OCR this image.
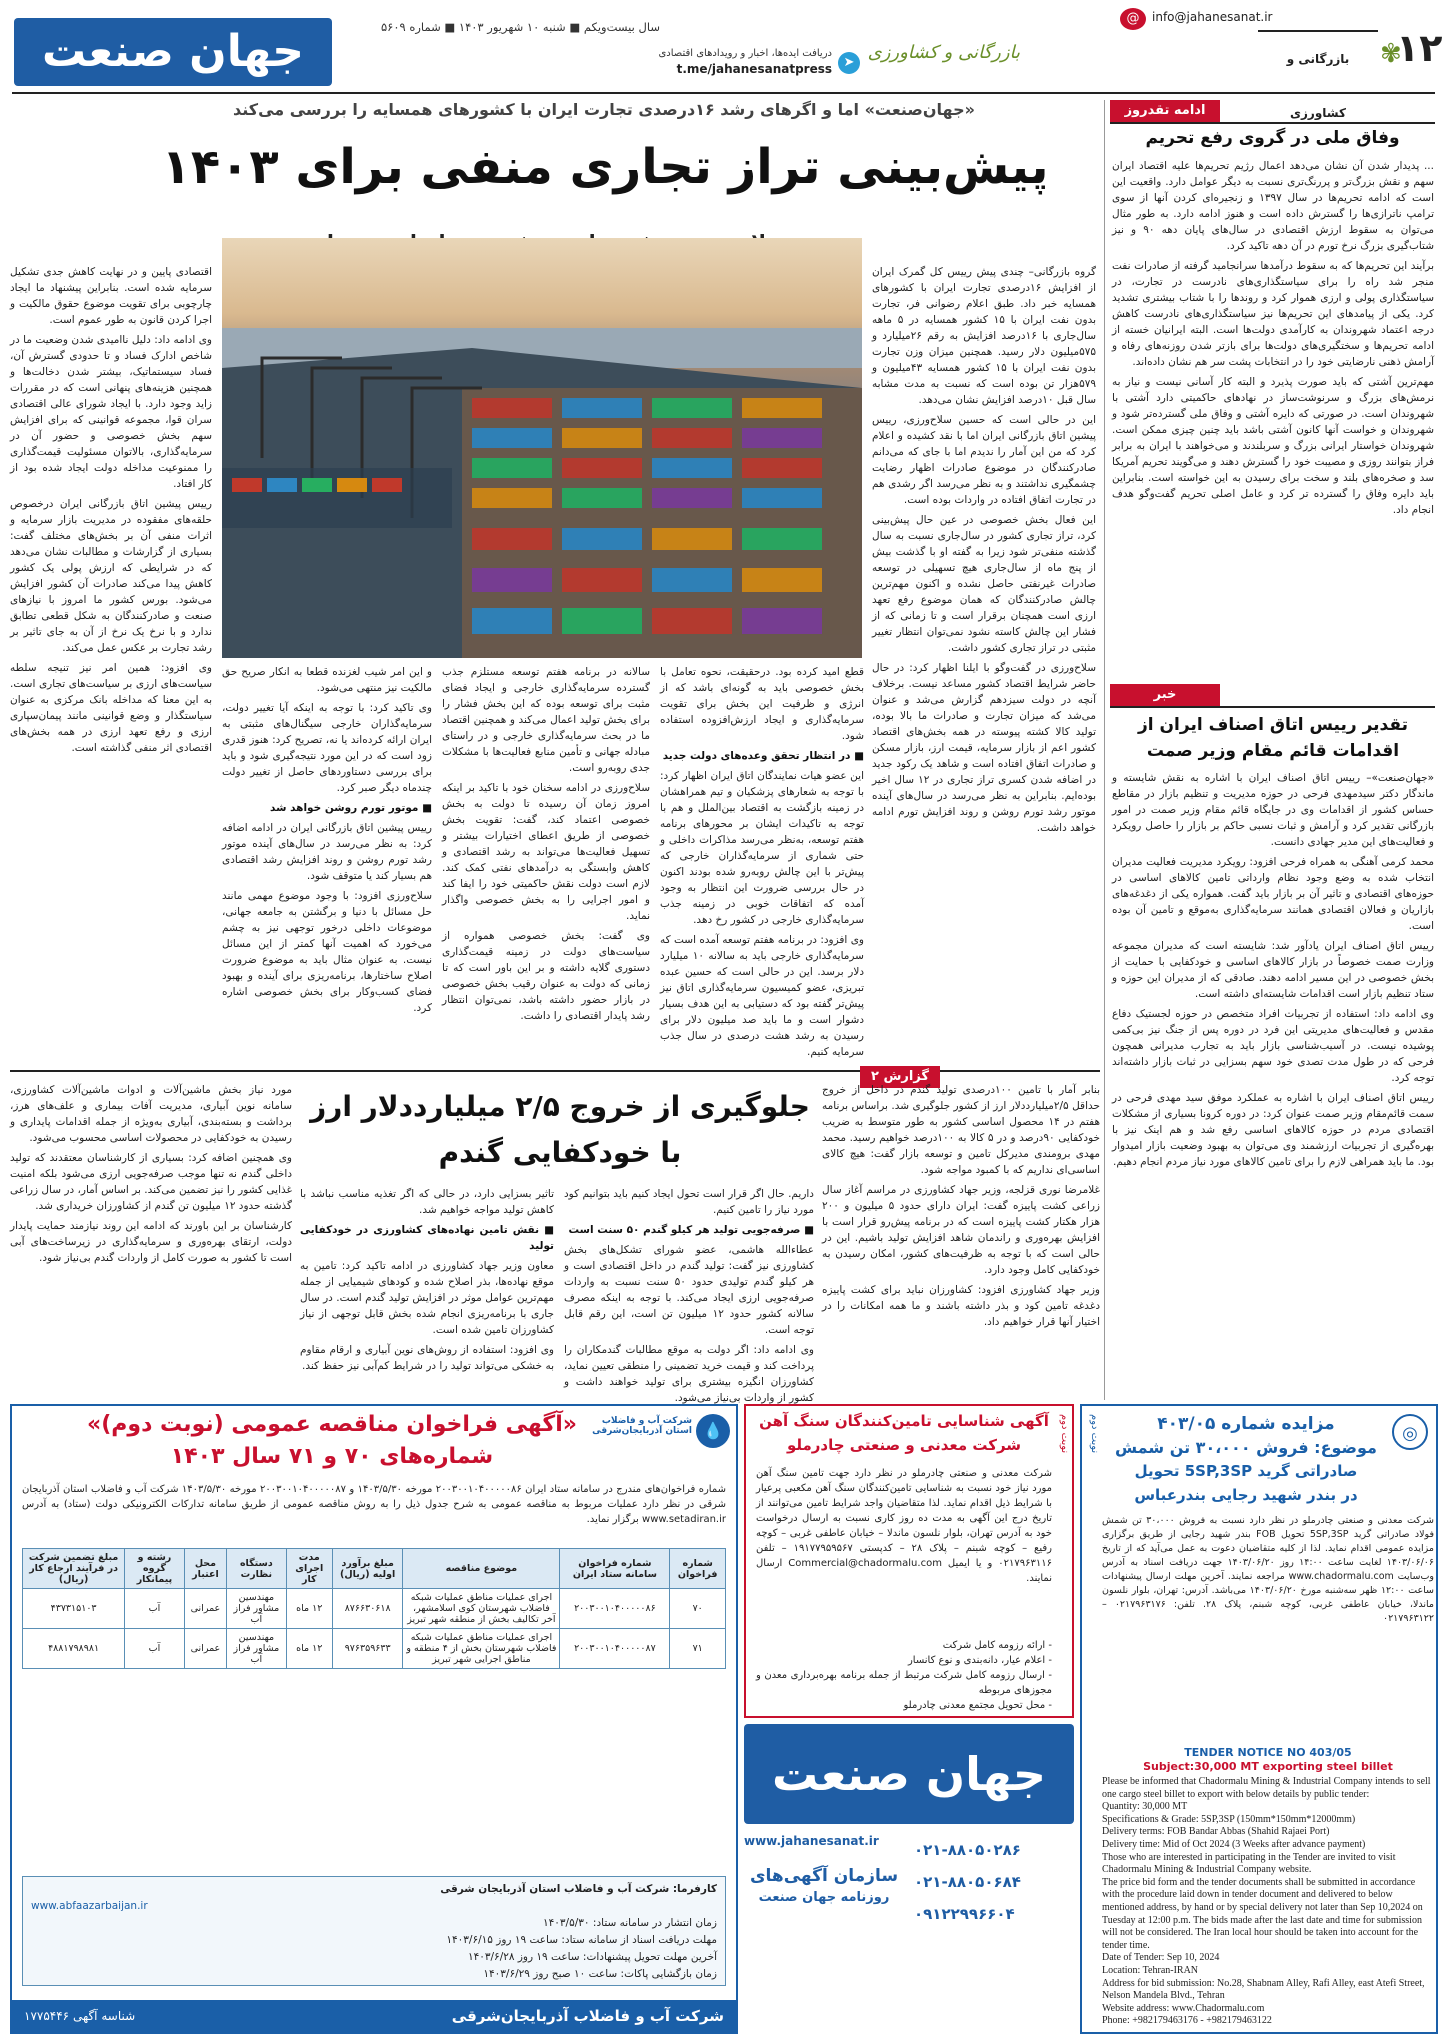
جهان صنعت	سال بیست‌ویکم ■ شنبه ۱۰ شهریور ۱۴۰۳ ■ شماره ۵۶۰۹
➤
دریافت ایده‌ها، اخبار و رویدادهای اقتصادی
t.me/jahanesanatpress
بازرگانی و کشاورزی
@	info@jahanesanat.ir
بازرگانی و کشاورزی
✾
۱۲
«جهان‌صنعت» اما و اگرهای رشد ۱۶درصدی تجارت ایران با کشورهای همسایه را بررسی می‌کند
پیش‌بینی تراز تجاری منفی برای ۱۴۰۳

گروه بازرگانی– چندی پیش رییس کل گمرک ایران از افزایش ۱۶درصدی تجارت ایران با کشورهای همسایه خبر داد. طبق اعلام رضوانی فر، تجارت بدون نفت ایران با ۱۵ کشور همسایه در ۵ ماهه سال‌جاری با ۱۶درصد افزایش به رقم ۲۶میلیارد و ۵۷۵میلیون دلار رسید. همچنین میزان وزن تجارت بدون نفت ایران با ۱۵ کشور همسایه ۴۳میلیون و ۵۷۹هزار تن بوده است که نسبت به مدت مشابه سال قبل ۱۰درصد افزایش نشان می‌دهد.

این در حالی است که حسین سلاح‌ورزی، رییس پیشین اتاق بازرگانی ایران اما با نقد کشیده و اعلام کرد که من این آمار را ندیدم اما با جای که می‌دانم صادرکنندگان در موضوع صادرات اظهار رضایت چشمگیری نداشتند و به نظر می‌رسد اگر رشدی هم در تجارت اتفاق افتاده در واردات بوده است.

این فعال بخش خصوصی در عین حال پیش‌بینی کرد، تراز تجاری کشور در سال‌جاری نسبت به سال گذشته منفی‌تر شود زیرا به گفته او با گذشت بیش از پنج ماه از سال‌جاری هیچ تسهیلی در توسعه صادرات غیرنفتی حاصل نشده و اکنون مهم‌ترین چالش صادرکنندگان که همان موضوع رفع تعهد ارزی است همچنان برقرار است و تا زمانی که از فشار این چالش کاسته نشود نمی‌توان انتظار تغییر مثبتی در تراز تجاری کشور داشت.

سلاح‌ورزی در گفت‌وگو با ایلنا اظهار کرد: در حال حاضر شرایط اقتصاد کشور مساعد نیست. برخلاف آنچه در دولت سیزدهم گزارش می‌شد و عنوان می‌شد که میزان تجارت و صادرات ما بالا بوده، تولید کالا کشته پیوسته در همه بخش‌های اقتصاد کشور اعم از بازار سرمایه، قیمت ارز، بازار مسکن و صادرات اتفاق افتاده است و شاهد یک رکود جدید در اضافه شدن کسری تراز تجاری در ۱۲ سال اخیر بوده‌ایم. بنابراین به نظر می‌رسد در سال‌های آینده موتور رشد تورم روشن و روند افزایش تورم ادامه خواهد داشت.

قطع امید کرده بود. درحقیقت، نحوه تعامل با بخش خصوصی باید به گونه‌ای باشد که از انرژی و ظرفیت این بخش برای تقویت سرمایه‌گذاری و ایجاد ارزش‌افزوده استفاده شود.

■ در انتظار تحقق وعده‌های دولت جدید

این عضو هیات نمایندگان اتاق ایران اظهار کرد: با توجه به شعارهای پزشکیان و تیم همراهشان در زمینه بازگشت به اقتصاد بین‌الملل و هم با توجه به تاکیدات ایشان بر محورهای برنامه هفتم توسعه، به‌نظر می‌رسد مذاکرات داخلی و حتی شماری از سرمایه‌گذاران خارجی که پیش‌تر با این چالش روبه‌رو شده بودند اکنون در حال بررسی ضرورت این انتظار به وجود آمده که اتفاقات خوبی در زمینه جذب سرمایه‌گذاری خارجی در کشور رخ دهد.

وی افزود: در برنامه هفتم توسعه آمده است که سرمایه‌گذاری خارجی باید به سالانه ۱۰ میلیارد دلار برسد. این در حالی است که حسین عبده تبریزی، عضو کمیسیون سرمایه‌گذاری اتاق نیز پیش‌تر گفته بود که دستیابی به این هدف بسیار دشوار است و ما باید صد میلیون دلار برای رسیدن به رشد هشت درصدی در سال جذب سرمایه کنیم.

سالانه در برنامه هفتم توسعه مستلزم جذب گسترده سرمایه‌گذاری خارجی و ایجاد فضای مثبت برای توسعه بوده که این بخش فشار را برای بخش تولید اعمال می‌کند و همچنین اقتصاد ما در بحث سرمایه‌گذاری خارجی و در راستای مبادله جهانی و تأمین منابع فعالیت‌ها با مشکلات جدی روبه‌رو است.

سلاح‌ورزی در ادامه سخنان خود با تاکید بر اینکه امروز زمان آن رسیده تا دولت به بخش خصوصی اعتماد کند، گفت: تقویت بخش خصوصی از طریق اعطای اختیارات بیشتر و تسهیل فعالیت‌ها می‌تواند به رشد اقتصادی و کاهش وابستگی به درآمدهای نفتی کمک کند. لازم است دولت نقش حاکمیتی خود را ایفا کند و امور اجرایی را به بخش خصوصی واگذار نماید.

وی گفت: بخش خصوصی همواره از سیاست‌های دولت در زمینه قیمت‌گذاری دستوری گلایه داشته و بر این باور است که تا زمانی که دولت به عنوان رقیب بخش خصوصی در بازار حضور داشته باشد، نمی‌توان انتظار رشد پایدار اقتصادی را داشت.

و این امر شیب لغزنده قطعا به انکار صریح حق مالکیت نیز منتهی می‌شود.

وی تاکید کرد: با توجه به اینکه آیا تغییر دولت، سرمایه‌گذاران خارجی سیگنال‌های مثبتی به ایران ارائه کرده‌اند یا نه، تصریح کرد: هنوز قدری زود است که در این مورد نتیجه‌گیری شود و باید برای بررسی دستاوردهای حاصل از تغییر دولت چندماه دیگر صبر کرد.

■ موتور تورم روشن خواهد شد

رییس پیشین اتاق بازرگانی ایران در ادامه اضافه کرد: به نظر می‌رسد در سال‌های آینده موتور رشد تورم روشن و روند افزایش رشد اقتصادی هم بسیار کند یا متوقف شود.

سلاح‌ورزی افزود: با وجود موضوع مهمی مانند حل مسائل با دنیا و برگشتن به جامعه جهانی، موضوعات داخلی درخور توجهی نیز به چشم می‌خورد که اهمیت آنها کمتر از این مسائل نیست. به عنوان مثال باید به موضوع ضرورت اصلاح ساختارها، برنامه‌ریزی برای آینده و بهبود فضای کسب‌وکار برای بخش خصوصی اشاره کرد.

اقتصادی پایین و در نهایت کاهش جدی تشکیل سرمایه شده است. بنابراین پیشنهاد ما ایجاد چارچوبی برای تقویت موضوع حقوق مالکیت و اجرا کردن قانون به طور عموم است.

وی ادامه داد: دلیل ناامیدی شدن وضعیت ما در شاخص ادارک فساد و تا حدودی گسترش آن، فساد سیستماتیک، بیشتر شدن دخالت‌ها و همچنین هزینه‌های پنهانی است که در مقررات زاید وجود دارد. با ایجاد شورای عالی اقتصادی سران قوا، مجموعه قوانینی که برای افزایش سهم بخش خصوصی و حضور آن در سرمایه‌گذاری، بالاتوان مسئولیت قیمت‌گذاری را ممنوعیت مداخله دولت ایجاد شده بود از کار افتاد.

رییس پیشین اتاق بازرگانی ایران درخصوص حلقه‌های مفقوده در مدیریت بازار سرمایه و اثرات منفی آن بر بخش‌های مختلف گفت: بسیاری از گزارشات و مطالبات نشان می‌دهد که در شرایطی که ارزش پولی یک کشور کاهش پیدا می‌کند صادرات آن کشور افزایش می‌شود. بورس کشور ما امروز با نیازهای صنعت و صادرکنندگان به شکل قطعی تطابق ندارد و با نرخ یک نرخ از آن به جای تاثیر بر رشد تجارت بر عکس عمل می‌کند.

وی افزود: همین امر نیز تنیجه سلطه سیاست‌های ارزی بر سیاست‌های تجاری است. به این معنا که مداخله بانک مرکزی به عنوان سیاستگذار و وضع قوانینی مانند پیمان‌سپاری ارزی و رفع تعهد ارزی در همه بخش‌های اقتصادی اثر منفی گذاشته است.

ادامه تقدروز
وفاق ملی در گروی رفع تحریم

... پدیدار شدن آن نشان می‌دهد اعمال رژیم تحریم‌ها علیه اقتصاد ایران سهم و نقش بزرگ‌تر و پررنگ‌تری نسبت به دیگر عوامل دارد. واقعیت این است که ادامه تحریم‌ها در سال ۱۳۹۷ و زنجیره‌ای کردن آنها از سوی ترامپ ناترازی‌ها را گسترش داده است و هنوز ادامه دارد. به طور مثال می‌توان به سقوط ارزش اقتصادی در سال‌های پایان دهه ۹۰ و نیز شتاب‌گیری بزرگ نرخ تورم در آن دهه تاکید کرد.

برآیند این تحریم‌ها که به سقوط درآمدها سرانجامید گرفته از صادرات نفت منجر شد راه را برای سیاستگذاری‌های نادرست در تجارت، در سیاستگذاری پولی و ارزی هموار کرد و روندها را با شتاب بیشتری تشدید کرد. یکی از پیامدهای این تحریم‌ها نیز سیاستگذاری‌های نادرست کاهش درجه اعتماد شهروندان به کارآمدی دولت‌ها است. البته ایرانیان خسته از ادامه تحریم‌ها و سختگیری‌های دولت‌ها برای بازتر شدن روزنه‌های رفاه و آرامش ذهنی نارضایتی خود را در انتخابات پشت سر هم نشان داده‌اند.

مهم‌ترین آشتی که باید صورت پذیرد و البته کار آسانی نیست و نیاز به نرمش‌های بزرگ و سرنوشت‌ساز در نهادهای حاکمیتی دارد آشتی با شهروندان است. در صورتی که دایره آشتی و وفاق ملی گسترده‌تر شود و شهروندان و خواست آنها کانون آشتی باشد باید چنین چیزی ممکن است. شهروندان خواستار ایرانی بزرگ و سربلندند و می‌خواهند با ایران به برابر فراز بتوانند روزی و مصیبت خود را گسترش دهند و می‌گویند تحریم آمریکا سد و صخره‌های بلند و سخت برای رسیدن به این خواسته است. بنابراین باید دایره وفاق را گسترده تر کرد و عامل اصلی تحریم گفت‌وگو هدف انجام داد.

خبر
تقدیر رییس اتاق اصناف ایران از اقدامات قائم مقام وزیر صمت

«جهان‌صنعت»– رییس اتاق اصناف ایران با اشاره به نقش شایسته و ماندگار دکتر سیدمهدی فرحی در حوزه مدیریت و تنظیم بازار در مقاطع حساس کشور از اقدامات وی در جایگاه قائم مقام وزیر صمت در امور بازرگانی تقدیر کرد و آرامش و ثبات نسبی حاکم بر بازار را حاصل رویکرد و فعالیت‌های این مدیر جهادی دانست.

محمد کرمی آهنگی به همراه فرحی افزود: رویکرد مدیریت فعالیت مدیران انتخاب شده به وضع وجود نظام وارداتی تامین کالاهای اساسی در حوزه‌های اقتصادی و تاثیر آن بر بازار باید گفت. همواره یکی از دغدغه‌های بازاریان و فعالان اقتصادی همانند سرمایه‌گذاری به‌موقع و تامین آن بوده است.

رییس اتاق اصناف ایران یادآور شد: شایسته است که مدیران مجموعه وزارت صمت خصوصاً در بازار کالاهای اساسی و خودکفایی با حمایت از بخش خصوصی در این مسیر ادامه دهند. صادقی که از مدیران این حوزه و ستاد تنظیم بازار است اقدامات شایسته‌ای داشته است.

وی ادامه داد: استفاده از تجربیات افراد متخصص در حوزه لجستیک دفاع مقدس و فعالیت‌های مدیریتی این فرد در دوره پس از جنگ نیز بی‌کمی پوشیده نیست. در آسیب‌شناسی بازار باید به تجارب مدیرانی همچون فرحی که در طول مدت تصدی خود سهم بسزایی در ثبات بازار داشته‌اند توجه کرد.

رییس اتاق اصناف ایران با اشاره به عملکرد موفق سید مهدی فرحی در سمت قائم‌مقام وزیر صمت عنوان کرد: در دوره کرونا بسیاری از مشکلات اقتصادی مردم در حوزه کالاهای اساسی رفع شد و هم اینک نیز با بهره‌گیری از تجربیات ارزشمند وی می‌توان به بهبود وضعیت بازار امیدوار بود. ما باید همراهی لازم را برای تامین کالاهای مورد نیاز مردم انجام دهیم.

گزارش ۲
جلوگیری از خروج ۲/۵ میلیارددلار ارز با خودکفایی گندم

بنابر آمار با تامین ۱۰۰درصدی تولید گندم در داخل از خروج حداقل ۲/۵میلیارددلار ارز از کشور جلوگیری شد. براساس برنامه هفتم در ۱۴ محصول اساسی کشور به طور متوسط به ضریب خودکفایی ۹۰درصد و در ۵ کالا به ۱۰۰درصد خواهیم رسید. محمد مهدی برومندی مدیرکل تامین و توسعه بازار گفت: هیچ کالای اساسی‌ای نداریم که با کمبود مواجه شود.

غلامرضا نوری قزلجه، وزیر جهاد کشاورزی در مراسم آغاز سال زراعی کشت پاییزه گفت: ایران دارای حدود ۵ میلیون و ۲۰۰ هزار هکتار کشت پاییزه است که در برنامه پیش‌رو قرار است با افزایش بهره‌وری و راندمان شاهد افزایش تولید باشیم. این در حالی است که با توجه به ظرفیت‌های کشور، امکان رسیدن به خودکفایی کامل وجود دارد.

وزیر جهاد کشاورزی افزود: کشاورزان نباید برای کشت پاییزه دغدغه تامین کود و بذر داشته باشند و ما همه امکانات را در اختیار آنها قرار خواهیم داد.

داریم. حال اگر قرار است تحول ایجاد کنیم باید بتوانیم کود مورد نیاز را تامین کنیم.

■ صرفه‌جویی تولید هر کیلو گندم ۵۰ سنت است

عطاءالله هاشمی، عضو شورای تشکل‌های بخش کشاورزی نیز گفت: تولید گندم در داخل اقتصادی است و هر کیلو گندم تولیدی حدود ۵۰ سنت نسبت به واردات صرفه‌جویی ارزی ایجاد می‌کند. با توجه به اینکه مصرف سالانه کشور حدود ۱۲ میلیون تن است، این رقم قابل توجه است.

وی ادامه داد: اگر دولت به موقع مطالبات گندمکاران را پرداخت کند و قیمت خرید تضمینی را منطقی تعیین نماید، کشاورزان انگیزه بیشتری برای تولید خواهند داشت و کشور از واردات بی‌نیاز می‌شود.

تاثیر بسزایی دارد، در حالی که اگر تغذیه مناسب نباشد با کاهش تولید مواجه خواهیم شد.

■ نقش تامین نهاده‌های کشاورزی در خودکفایی تولید

معاون وزیر جهاد کشاورزی در ادامه تاکید کرد: تامین به موقع نهاده‌ها، بذر اصلاح شده و کودهای شیمیایی از جمله مهم‌ترین عوامل موثر در افزایش تولید گندم است. در سال جاری با برنامه‌ریزی انجام شده بخش قابل توجهی از نیاز کشاورزان تامین شده است.

وی افزود: استفاده از روش‌های نوین آبیاری و ارقام مقاوم به خشکی می‌تواند تولید را در شرایط کم‌آبی نیز حفظ کند.

مورد نیاز بخش ماشین‌آلات و ادوات ماشین‌آلات کشاورزی، سامانه نوین آبیاری، مدیریت آفات بیماری و علف‌های هرز، برداشت و بسته‌بندی، آبیاری به‌ویژه از جمله اقدامات پایداری و رسیدن به خودکفایی در محصولات اساسی محسوب می‌شود.

وی همچنین اضافه کرد: بسیاری از کارشناسان معتقدند که تولید داخلی گندم نه تنها موجب صرفه‌جویی ارزی می‌شود بلکه امنیت غذایی کشور را نیز تضمین می‌کند. بر اساس آمار، در سال زراعی گذشته حدود ۱۲ میلیون تن گندم از کشاورزان خریداری شد.

کارشناسان بر این باورند که ادامه این روند نیازمند حمایت پایدار دولت، ارتقای بهره‌وری و سرمایه‌گذاری در زیرساخت‌های آبی است تا کشور به صورت کامل از واردات گندم بی‌نیاز شود.

نوبت دوم	◎
مزایده شماره ۴۰۳/۰۵
موضوع: فروش ۳۰،۰۰۰ تن شمش
صادراتی گرید 5SP,3SP تحویل
در بندر شهید رجایی بندرعباس
شرکت معدنی و صنعتی چادرملو در نظر دارد نسبت به فروش ۳۰،۰۰۰ تن شمش فولاد صادراتی گرید 5SP,3SP تحویل FOB بندر شهید رجایی از طریق برگزاری مزایده عمومی اقدام نماید. لذا از کلیه متقاضیان دعوت به عمل می‌آید که از تاریخ ۱۴۰۳/۰۶/۰۶ لغایت ساعت ۱۴:۰۰ روز ۱۴۰۳/۰۶/۲۰ جهت دریافت اسناد به آدرس وب‌سایت www.chadormalu.com مراجعه نمایند. آخرین مهلت ارسال پیشنهادات ساعت ۱۲:۰۰ ظهر سه‌شنبه مورخ ۱۴۰۳/۰۶/۲۰ می‌باشد. آدرس: تهران، بلوار نلسون ماندلا، خیابان عاطفی غربی، کوچه شبنم، پلاک ۲۸. تلفن: ۰۲۱۷۹۶۳۱۷۶ – ۰۲۱۷۹۶۳۱۲۲
TENDER NOTICE NO 403/05
Subject:30,000 MT exporting steel billet
Please be informed that Chadormalu Mining & Industrial Company intends to sell one cargo steel billet to export with below details by public tender:
Quantity: 30,000 MT
Specifications & Grade: 5SP,3SP (150mm*150mm*12000mm)
Delivery terms: FOB Bandar Abbas (Shahid Rajaei Port)
Delivery time: Mid of Oct 2024 (3 Weeks after advance payment)
Those who are interested in participating in the Tender are invited to visit Chadormalu Mining & Industrial Company website.
The price bid form and the tender documents shall be submitted in accordance with the procedure laid down in tender document and delivered to below mentioned address, by hand or by special delivery not later than Sep 10,2024 on Tuesday at 12:00 p.m. The bids made after the last date and time for submission will not be considered. The Iran local hour should be taken into account for the tender time.
Date of Tender: Sep 10, 2024
Location: Tehran-IRAN
Address for bid submission: No.28, Shabnam Alley, Rafi Alley, east Atefi Street, Nelson Mandela Blvd., Tehran
Website address: www.Chadormalu.com
Phone: +982179463176 - +982179463122
نوبت دوم
آگهی شناسایی تامین‌کنندگان سنگ آهن
شرکت معدنی و صنعتی چادرملو
شرکت معدنی و صنعتی چادرملو در نظر دارد جهت تامین سنگ آهن مورد نیاز خود نسبت به شناسایی تامین‌کنندگان سنگ آهن مکعبی پرعیار با شرایط ذیل اقدام نماید. لذا متقاضیان واجد شرایط تامین می‌توانند از تاریخ درج این آگهی به مدت ده روز کاری نسبت به ارسال درخواست خود به آدرس تهران، بلوار نلسون ماندلا – خیابان عاطفی غربی – کوچه رفیع – کوچه شبنم – پلاک ۲۸ – کدپستی ۱۹۱۷۷۹۵۹۵۶۷ – تلفن ۰۲۱۷۹۶۳۱۱۶ و یا ایمیل Commercial@chadormalu.com ارسال نمایند.
- ارائه رزومه کامل شرکت
- اعلام عیار، دانه‌بندی و نوع کانسار
- ارسال رزومه کامل شرکت مرتبط از جمله برنامه بهره‌برداری معدن و مجوزهای مربوطه
- محل تحویل مجتمع معدنی چادرملو
جهان صنعت
www.jahanesanat.ir
سازمان آگهی‌های
روزنامه جهان صنعت
۰۲۱-۸۸۰۵۰۲۸۶
۰۲۱-۸۸۰۵۰۶۸۴
۰۹۱۲۲۹۹۶۶۰۴
💧
شرکت آب و فاضلاب استان آذربایجان‌شرقی
«آگهی فراخوان مناقصه عمومی (نوبت دوم)»
شماره‌های ۷۰ و ۷۱ سال ۱۴۰۳
شماره فراخوان‌های مندرج در سامانه ستاد ایران ۲۰۰۳۰۰۱۰۴۰۰۰۰۰۸۶ مورخه ۱۴۰۳/۵/۳۰ و ۲۰۰۳۰۰۱۰۴۰۰۰۰۰۸۷ مورخه ۱۴۰۳/۵/۳۰ شرکت آب و فاضلاب استان آذربایجان شرقی در نظر دارد عملیات مربوط به مناقصه عمومی به شرح جدول ذیل را به روش مناقصه عمومی از طریق سامانه تدارکات الکترونیکی دولت (ستاد) به آدرس www.setadiran.ir برگزار نماید.
شماره فراخوان	شماره فراخوان سامانه ستاد ایران	موضوع مناقصه	مبلغ برآورد اولیه (ریال)	مدت اجرای کار	دستگاه نظارت	محل اعتبار	رشته و گروه پیمانکار	مبلغ تضمین شرکت در فرآیند ارجاع کار (ریال)
۷۰	۲۰۰۳۰۰۱۰۴۰۰۰۰۰۸۶	اجرای عملیات مناطق عملیات شبکه فاضلاب شهرستان کوی اسلامشهر، آخر تکالیف بخش از منطقه شهر تبریز	۸۷۶۶۳۰۶۱۸	۱۲ ماه	مهندسین مشاور فراز آب	عمرانی	آب	۴۳۷۳۱۵۱۰۳
۷۱	۲۰۰۳۰۰۱۰۴۰۰۰۰۰۸۷	اجرای عملیات مناطق عملیات شبکه فاضلاب شهرستان بخش از ۴ منطقه و مناطق اجرایی شهر تبریز	۹۷۶۳۵۹۶۳۳	۱۲ ماه	مهندسین مشاور فراز آب	عمرانی	آب	۴۸۸۱۷۹۸۹۸۱
کارفرما: شرکت آب و فاضلاب استان آذربایجان شرقی
www.abfaazarbaijan.ir
زمان انتشار در سامانه ستاد: ۱۴۰۳/۵/۳۰
مهلت دریافت اسناد از سامانه ستاد: ساعت ۱۹ روز ۱۴۰۳/۶/۱۵
آخرین مهلت تحویل پیشنهادات: ساعت ۱۹ روز ۱۴۰۳/۶/۲۸
زمان بازگشایی پاکات: ساعت ۱۰ صبح روز ۱۴۰۳/۶/۲۹
شرکت آب و فاضلاب آذربایجان‌شرقی
شناسه آگهی ۱۷۷۵۴۴۶
